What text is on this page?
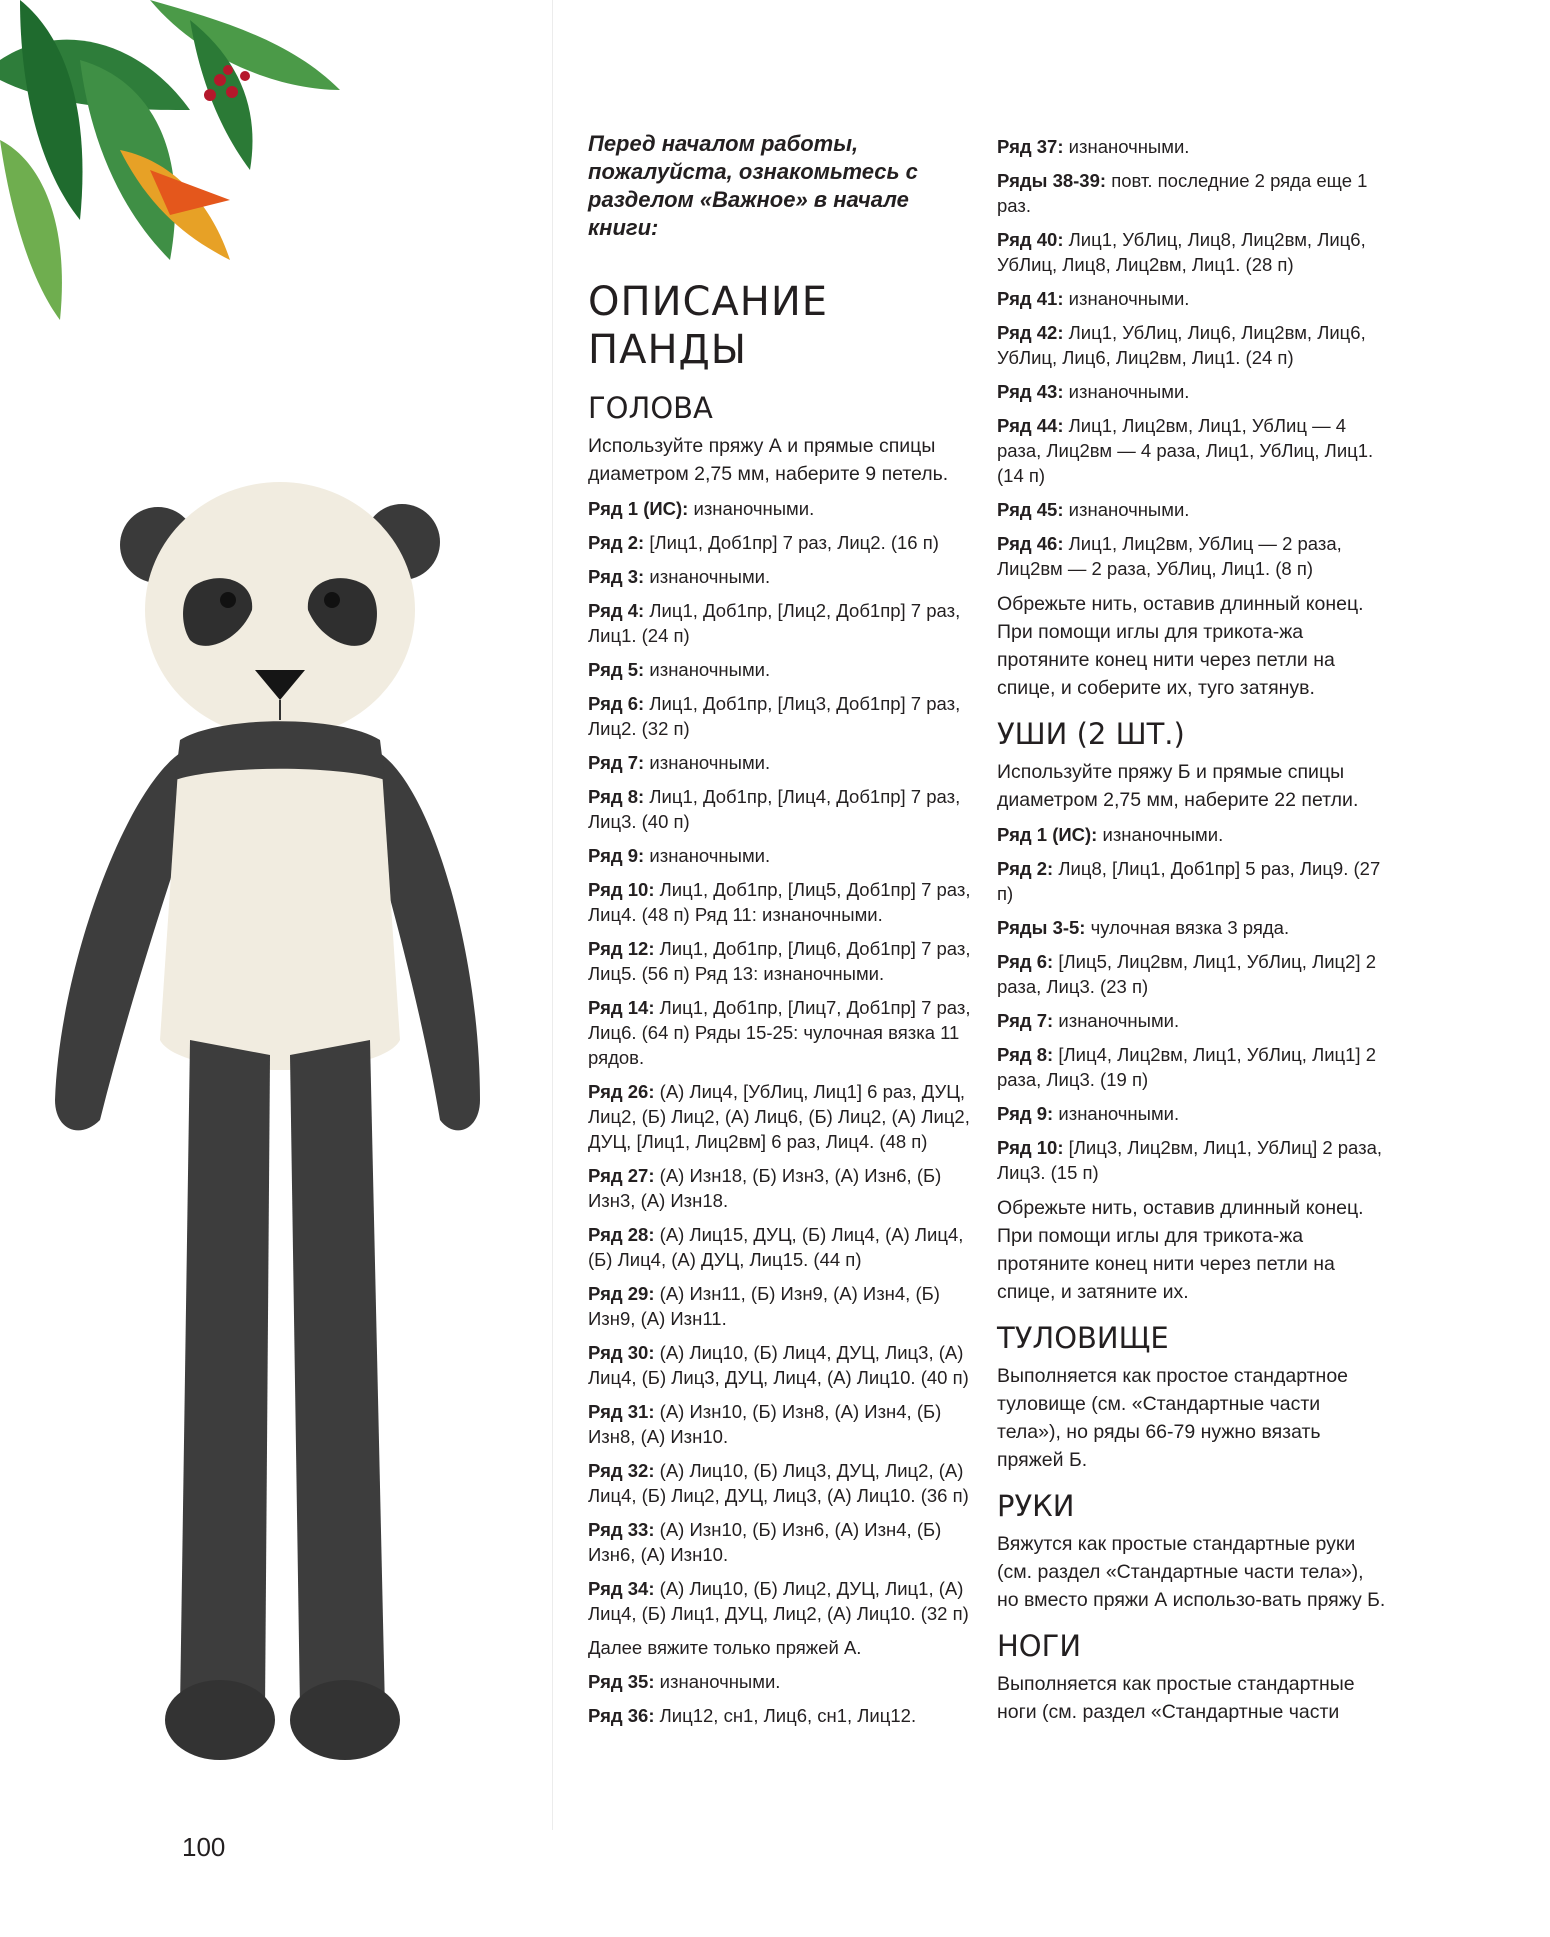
Перед началом работы, пожалуйста, ознакомьтесь с разделом «Важное» в начале книги:

ОПИСАНИЕ
ПАНДЫ
ГОЛОВА

Используйте пряжу А и прямые спицы диаметром 2,75 мм, наберите 9 петель.

Ряд 1 (ИС): изнаночными.

Ряд 2: [Лиц1, Доб1пр] 7 раз, Лиц2. (16 п)

Ряд 3: изнаночными.

Ряд 4: Лиц1, Доб1пр, [Лиц2, Доб1пр] 7 раз, Лиц1. (24 п)

Ряд 5: изнаночными.

Ряд 6: Лиц1, Доб1пр, [Лиц3, Доб1пр] 7 раз, Лиц2. (32 п)

Ряд 7: изнаночными.

Ряд 8: Лиц1, Доб1пр, [Лиц4, Доб1пр] 7 раз, Лиц3. (40 п)

Ряд 9: изнаночными.

Ряд 10: Лиц1, Доб1пр, [Лиц5, Доб1пр] 7 раз, Лиц4. (48 п) Ряд 11: изнаночными.

Ряд 12: Лиц1, Доб1пр, [Лиц6, Доб1пр] 7 раз, Лиц5. (56 п) Ряд 13: изнаночными.

Ряд 14: Лиц1, Доб1пр, [Лиц7, Доб1пр] 7 раз, Лиц6. (64 п) Ряды 15-25: чулочная вязка 11 рядов.

Ряд 26: (А) Лиц4, [УбЛиц, Лиц1] 6 раз, ДУЦ, Лиц2, (Б) Лиц2, (А) Лиц6, (Б) Лиц2, (А) Лиц2, ДУЦ, [Лиц1, Лиц2вм] 6 раз, Лиц4. (48 п)

Ряд 27: (А) Изн18, (Б) Изн3, (А) Изн6, (Б) Изн3, (А) Изн18.

Ряд 28: (А) Лиц15, ДУЦ, (Б) Лиц4, (А) Лиц4, (Б) Лиц4, (А) ДУЦ, Лиц15. (44 п)

Ряд 29: (А) Изн11, (Б) Изн9, (А) Изн4, (Б) Изн9, (А) Изн11.

Ряд 30: (А) Лиц10, (Б) Лиц4, ДУЦ, Лиц3, (А) Лиц4, (Б) Лиц3, ДУЦ, Лиц4, (А) Лиц10. (40 п)

Ряд 31: (А) Изн10, (Б) Изн8, (А) Изн4, (Б) Изн8, (А) Изн10.

Ряд 32: (А) Лиц10, (Б) Лиц3, ДУЦ, Лиц2, (А) Лиц4, (Б) Лиц2, ДУЦ, Лиц3, (А) Лиц10. (36 п)

Ряд 33: (А) Изн10, (Б) Изн6, (А) Изн4, (Б) Изн6, (А) Изн10.

Ряд 34: (А) Лиц10, (Б) Лиц2, ДУЦ, Лиц1, (А) Лиц4, (Б) Лиц1, ДУЦ, Лиц2, (А) Лиц10. (32 п)

Далее вяжите только пряжей А.

Ряд 35: изнаночными.

Ряд 36: Лиц12, сн1, Лиц6, сн1, Лиц12.

Ряд 37: изнаночными.

Ряды 38-39: повт. последние 2 ряда еще 1 раз.

Ряд 40: Лиц1, УбЛиц, Лиц8, Лиц2вм, Лиц6, УбЛиц, Лиц8, Лиц2вм, Лиц1. (28 п)

Ряд 41: изнаночными.

Ряд 42: Лиц1, УбЛиц, Лиц6, Лиц2вм, Лиц6, УбЛиц, Лиц6, Лиц2вм, Лиц1. (24 п)

Ряд 43: изнаночными.

Ряд 44: Лиц1, Лиц2вм, Лиц1, УбЛиц — 4 раза, Лиц2вм — 4 раза, Лиц1, УбЛиц, Лиц1. (14 п)

Ряд 45: изнаночными.

Ряд 46: Лиц1, Лиц2вм, УбЛиц — 2 раза, Лиц2вм — 2 раза, УбЛиц, Лиц1. (8 п)

Обрежьте нить, оставив длинный конец. При помощи иглы для трикота-жа протяните конец нити через петли на спице, и соберите их, туго затянув.

УШИ (2 ШТ.)

Используйте пряжу Б и прямые спицы диаметром 2,75 мм, наберите 22 петли.

Ряд 1 (ИС): изнаночными.

Ряд 2: Лиц8, [Лиц1, Доб1пр] 5 раз, Лиц9. (27 п)

Ряды 3-5: чулочная вязка 3 ряда.

Ряд 6: [Лиц5, Лиц2вм, Лиц1, УбЛиц, Лиц2] 2 раза, Лиц3. (23 п)

Ряд 7: изнаночными.

Ряд 8: [Лиц4, Лиц2вм, Лиц1, УбЛиц, Лиц1] 2 раза, Лиц3. (19 п)

Ряд 9: изнаночными.

Ряд 10: [Лиц3, Лиц2вм, Лиц1, УбЛиц] 2 раза, Лиц3. (15 п)

Обрежьте нить, оставив длинный конец. При помощи иглы для трикота-жа протяните конец нити через петли на спице, и затяните их.

ТУЛОВИЩЕ

Выполняется как простое стандартное туловище (см. «Стандартные части тела»), но ряды 66-79 нужно вязать пряжей Б.

РУКИ

Вяжутся как простые стандартные руки (см. раздел «Стандартные части тела»), но вместо пряжи А использо-вать пряжу Б.

НОГИ

Выполняется как простые стандартные ноги (см. раздел «Стандартные части

100
